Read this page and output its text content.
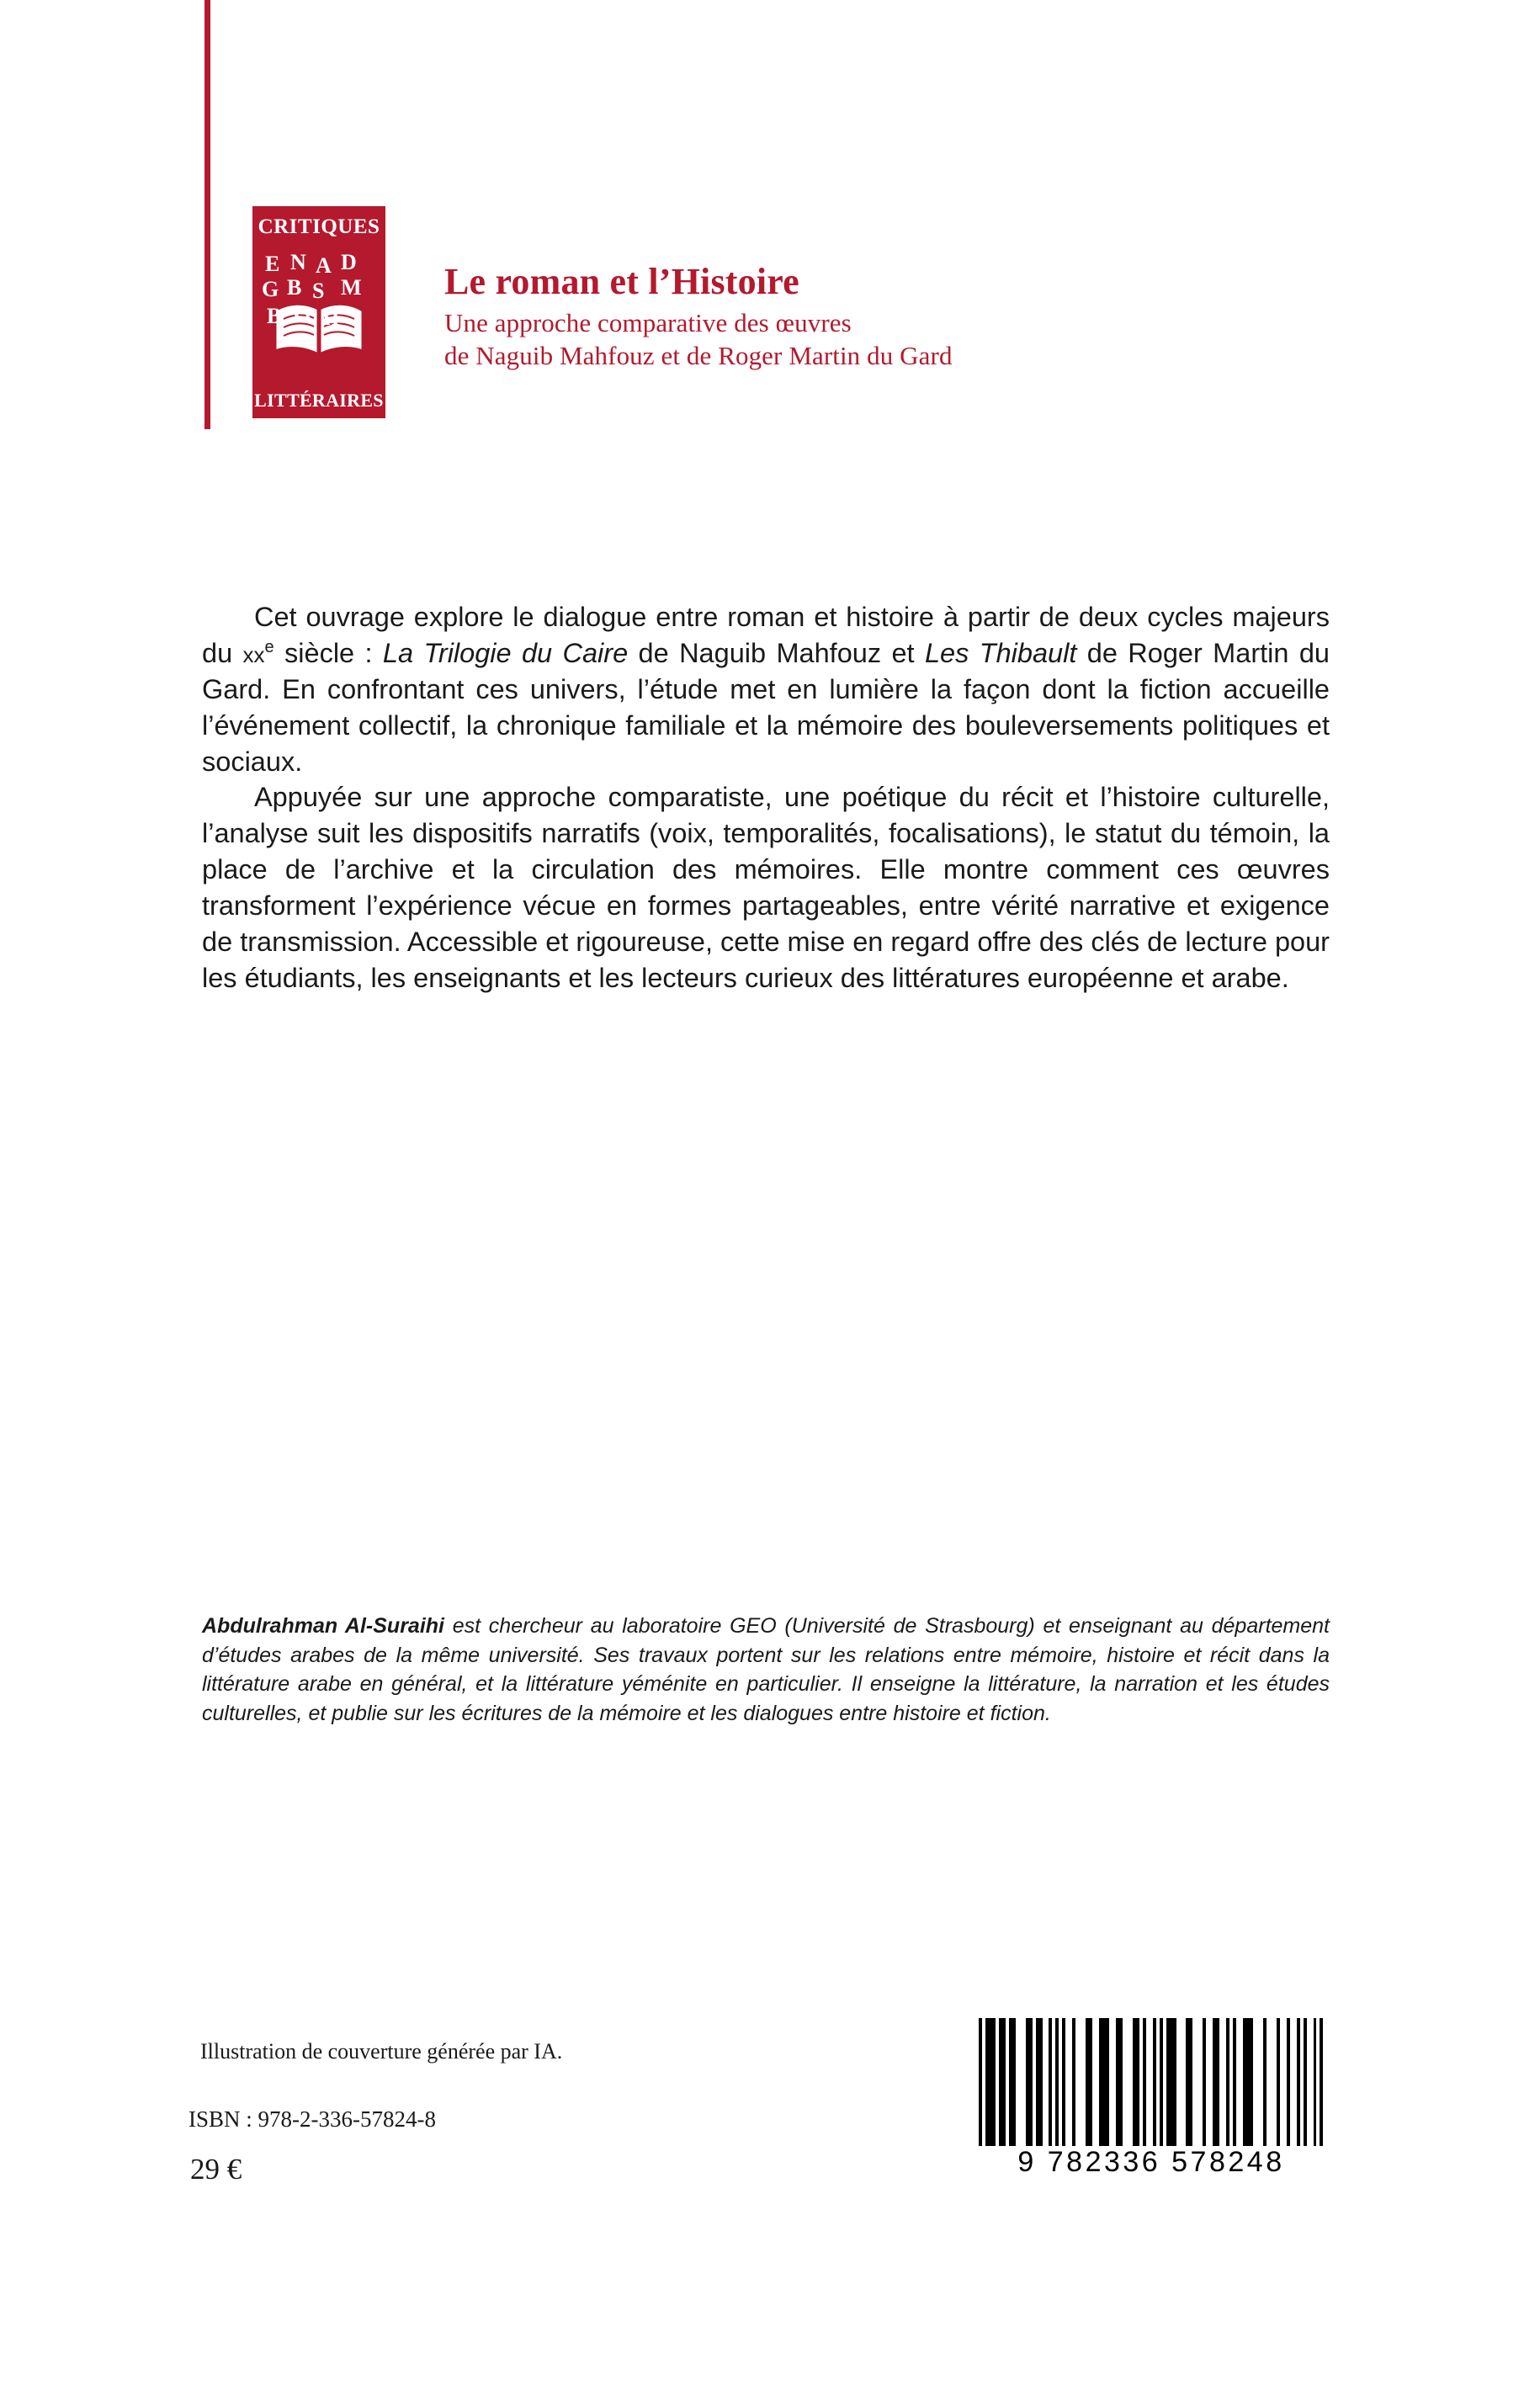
CRITIQUES
E N A D
G B S M
B O H
LITTÉRAIRES
Le roman et l’Histoire

Une approche comparative des œuvres
de Naguib Mahfouz et de Roger Martin du Gard

Cet ouvrage explore le dialogue entre roman et histoire à partir de deux cycles majeurs du $xx^e$ siècle : La Trilogie du Caire de Naguib Mahfouz et Les Thibault de Roger Martin du Gard. En confrontant ces univers, l’étude met en lumière la façon dont la fiction accueille l’événement collectif, la chronique familiale et la mémoire des bouleversements politiques et sociaux.

Appuyée sur une approche comparatiste, une poétique du récit et l’histoire culturelle, l’analyse suit les dispositifs narratifs (voix, temporalités, focalisations), le statut du témoin, la place de l’archive et la circulation des mémoires. Elle montre comment ces œuvres transforment l’expérience vécue en formes partageables, entre vérité narrative et exigence de transmission. Accessible et rigoureuse, cette mise en regard offre des clés de lecture pour les étudiants, les enseignants et les lecteurs curieux des littératures européenne et arabe.

Abdulrahman Al-Suraihi est chercheur au laboratoire GEO (Université de Strasbourg) et enseignant au département d’études arabes de la même université. Ses travaux portent sur les relations entre mémoire, histoire et récit dans la littérature arabe en général, et la littérature yéménite en particulier. Il enseigne la littérature, la narration et les études culturelles, et publie sur les écritures de la mémoire et les dialogues entre histoire et fiction.
Illustration de couverture générée par IA.
ISBN : 978-2-336-57824-8
29 €	9 782336 578248
